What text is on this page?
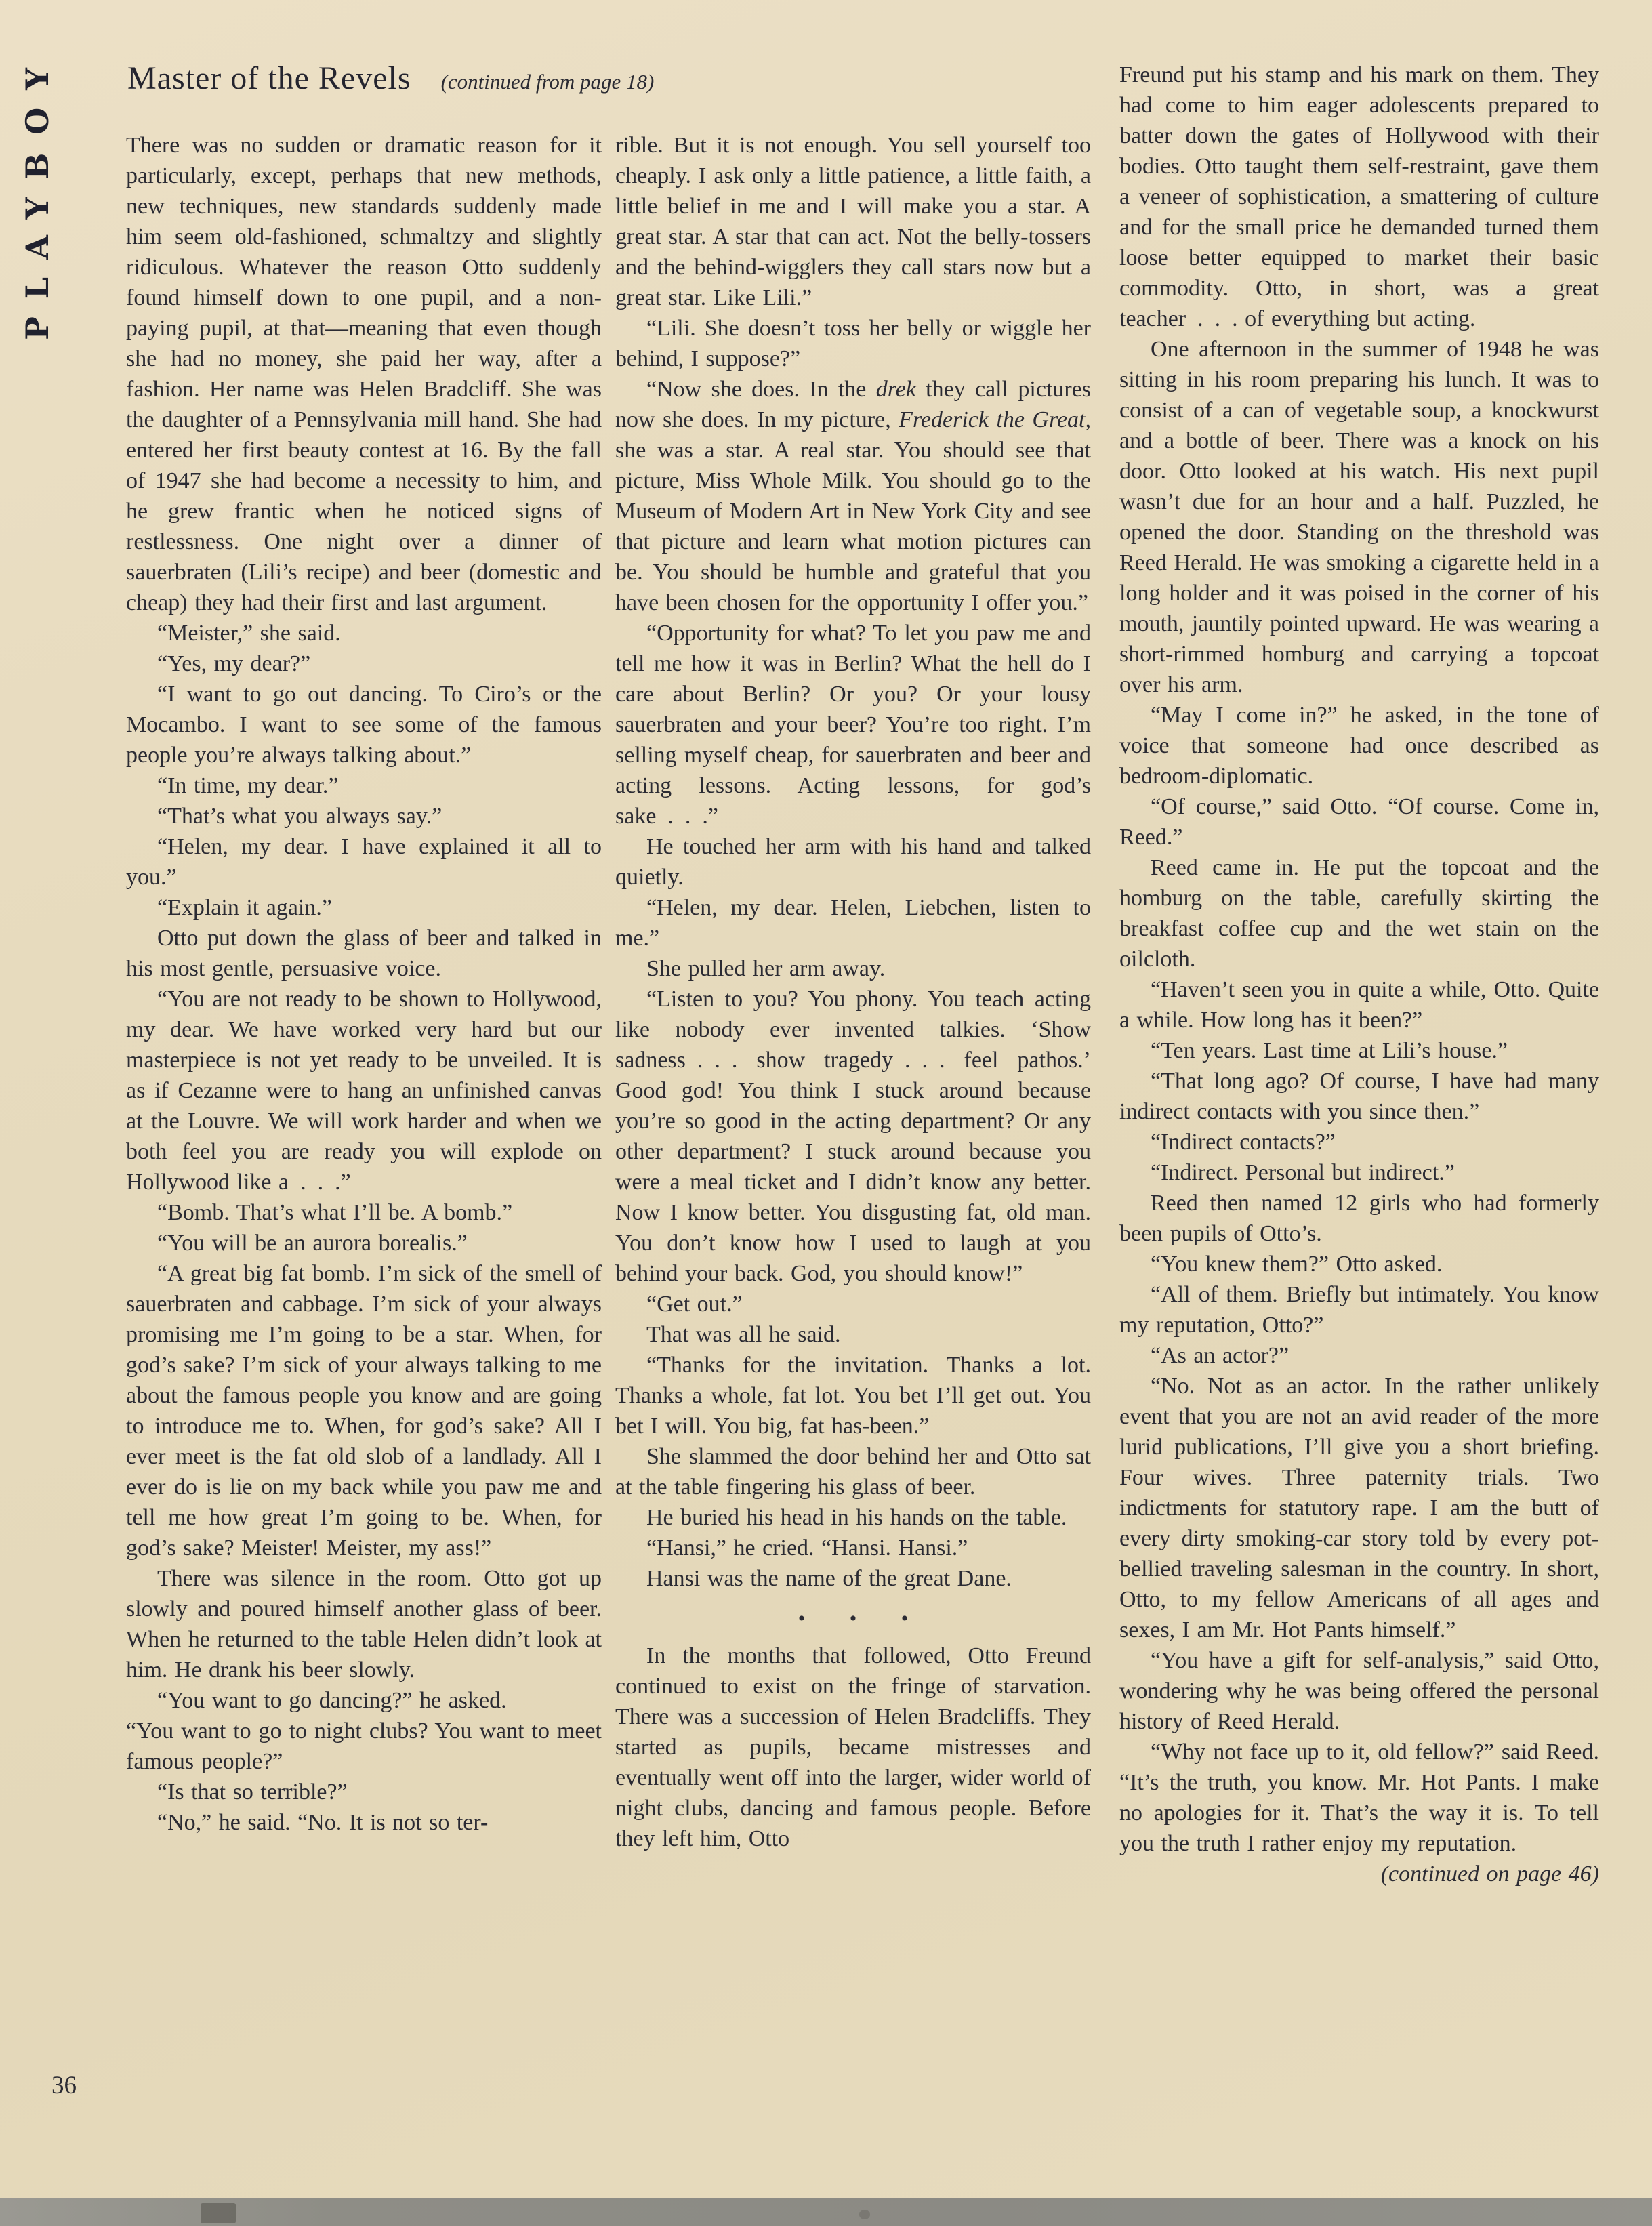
PLAYBOY Master of the Revels (continued from page 18)

There was no sudden or dramatic reason for it particularly, except, perhaps that new methods, new techniques, new standards suddenly made him seem old-fashioned, schmaltzy and slightly ridiculous. Whatever the reason Otto suddenly found himself down to one pupil, and a non-paying pupil, at that—meaning that even though she had no money, she paid her way, after a fashion. Her name was Helen Bradcliff. She was the daughter of a Pennsylvania mill hand. She had entered her first beauty contest at 16. By the fall of 1947 she had become a necessity to him, and he grew frantic when he noticed signs of restlessness. One night over a dinner of sauerbraten (Lili’s recipe) and beer (domestic and cheap) they had their first and last argument.

“Meister,” she said.

“Yes, my dear?”

“I want to go out dancing. To Ciro’s or the Mocambo. I want to see some of the famous people you’re always talking about.”

“In time, my dear.”

“That’s what you always say.”

“Helen, my dear. I have explained it all to you.”

“Explain it again.”

Otto put down the glass of beer and talked in his most gentle, persuasive voice.

“You are not ready to be shown to Hollywood, my dear. We have worked very hard but our masterpiece is not yet ready to be unveiled. It is as if Cezanne were to hang an unfinished canvas at the Louvre. We will work harder and when we both feel you are ready you will explode on Hollywood like a . . .”

“Bomb. That’s what I’ll be. A bomb.”

“You will be an aurora borealis.”

“A great big fat bomb. I’m sick of the smell of sauerbraten and cabbage. I’m sick of your always promising me I’m going to be a star. When, for god’s sake? I’m sick of your always talking to me about the famous people you know and are going to introduce me to. When, for god’s sake? All I ever meet is the fat old slob of a landlady. All I ever do is lie on my back while you paw me and tell me how great I’m going to be. When, for god’s sake? Meister! Meister, my ass!”

There was silence in the room. Otto got up slowly and poured himself another glass of beer. When he returned to the table Helen didn’t look at him. He drank his beer slowly.

“You want to go dancing?” he asked.

“You want to go to night clubs? You want to meet famous people?”

“Is that so terrible?”

“No,” he said. “No. It is not so ter-

rible. But it is not enough. You sell yourself too cheaply. I ask only a little patience, a little faith, a little belief in me and I will make you a star. A great star. A star that can act. Not the belly-tossers and the behind-wigglers they call stars now but a great star. Like Lili.”

“Lili. She doesn’t toss her belly or wiggle her behind, I suppose?”

“Now she does. In the drek they call pictures now she does. In my picture, Frederick the Great, she was a star. A real star. You should see that picture, Miss Whole Milk. You should go to the Museum of Modern Art in New York City and see that picture and learn what motion pictures can be. You should be humble and grateful that you have been chosen for the opportunity I offer you.”

“Opportunity for what? To let you paw me and tell me how it was in Berlin? What the hell do I care about Berlin? Or you? Or your lousy sauerbraten and your beer? You’re too right. I’m selling myself cheap, for sauerbraten and beer and acting lessons. Acting lessons, for god’s sake . . .”

He touched her arm with his hand and talked quietly.

“Helen, my dear. Helen, Liebchen, listen to me.”

She pulled her arm away.

“Listen to you? You phony. You teach acting like nobody ever invented talkies. ‘Show sadness . . . show tragedy . . . feel pathos.’ Good god! You think I stuck around because you’re so good in the acting department? Or any other department? I stuck around because you were a meal ticket and I didn’t know any better. Now I know better. You disgusting fat, old man. You don’t know how I used to laugh at you behind your back. God, you should know!”

“Get out.”

That was all he said.

“Thanks for the invitation. Thanks a lot. Thanks a whole, fat lot. You bet I’ll get out. You bet I will. You big, fat has-been.”

She slammed the door behind her and Otto sat at the table fingering his glass of beer.

He buried his head in his hands on the table.

“Hansi,” he cried. “Hansi. Hansi.”

Hansi was the name of the great Dane.

• • •

In the months that followed, Otto Freund continued to exist on the fringe of starvation. There was a succession of Helen Bradcliffs. They started as pupils, became mistresses and eventually went off into the larger, wider world of night clubs, dancing and famous people. Before they left him, Otto

Freund put his stamp and his mark on them. They had come to him eager adolescents prepared to batter down the gates of Hollywood with their bodies. Otto taught them self-restraint, gave them a veneer of sophistication, a smattering of culture and for the small price he demanded turned them loose better equipped to market their basic commodity. Otto, in short, was a great teacher . . . of everything but acting.

One afternoon in the summer of 1948 he was sitting in his room preparing his lunch. It was to consist of a can of vegetable soup, a knockwurst and a bottle of beer. There was a knock on his door. Otto looked at his watch. His next pupil wasn’t due for an hour and a half. Puzzled, he opened the door. Standing on the threshold was Reed Herald. He was smoking a cigarette held in a long holder and it was poised in the corner of his mouth, jauntily pointed upward. He was wearing a short-rimmed homburg and carrying a topcoat over his arm.

“May I come in?” he asked, in the tone of voice that someone had once described as bedroom-diplomatic.

“Of course,” said Otto. “Of course. Come in, Reed.”

Reed came in. He put the topcoat and the homburg on the table, carefully skirting the breakfast coffee cup and the wet stain on the oilcloth.

“Haven’t seen you in quite a while, Otto. Quite a while. How long has it been?”

“Ten years. Last time at Lili’s house.”

“That long ago? Of course, I have had many indirect contacts with you since then.”

“Indirect contacts?”

“Indirect. Personal but indirect.”

Reed then named 12 girls who had formerly been pupils of Otto’s.

“You knew them?” Otto asked.

“All of them. Briefly but intimately. You know my reputation, Otto?”

“As an actor?”

“No. Not as an actor. In the rather unlikely event that you are not an avid reader of the more lurid publications, I’ll give you a short briefing. Four wives. Three paternity trials. Two indictments for statutory rape. I am the butt of every dirty smoking-car story told by every pot-bellied traveling salesman in the country. In short, Otto, to my fellow Americans of all ages and sexes, I am Mr. Hot Pants himself.”

“You have a gift for self-analysis,” said Otto, wondering why he was being offered the personal history of Reed Herald.

“Why not face up to it, old fellow?” said Reed. “It’s the truth, you know. Mr. Hot Pants. I make no apologies for it. That’s the way it is. To tell you the truth I rather enjoy my reputation.

(continued on page 46)

36
